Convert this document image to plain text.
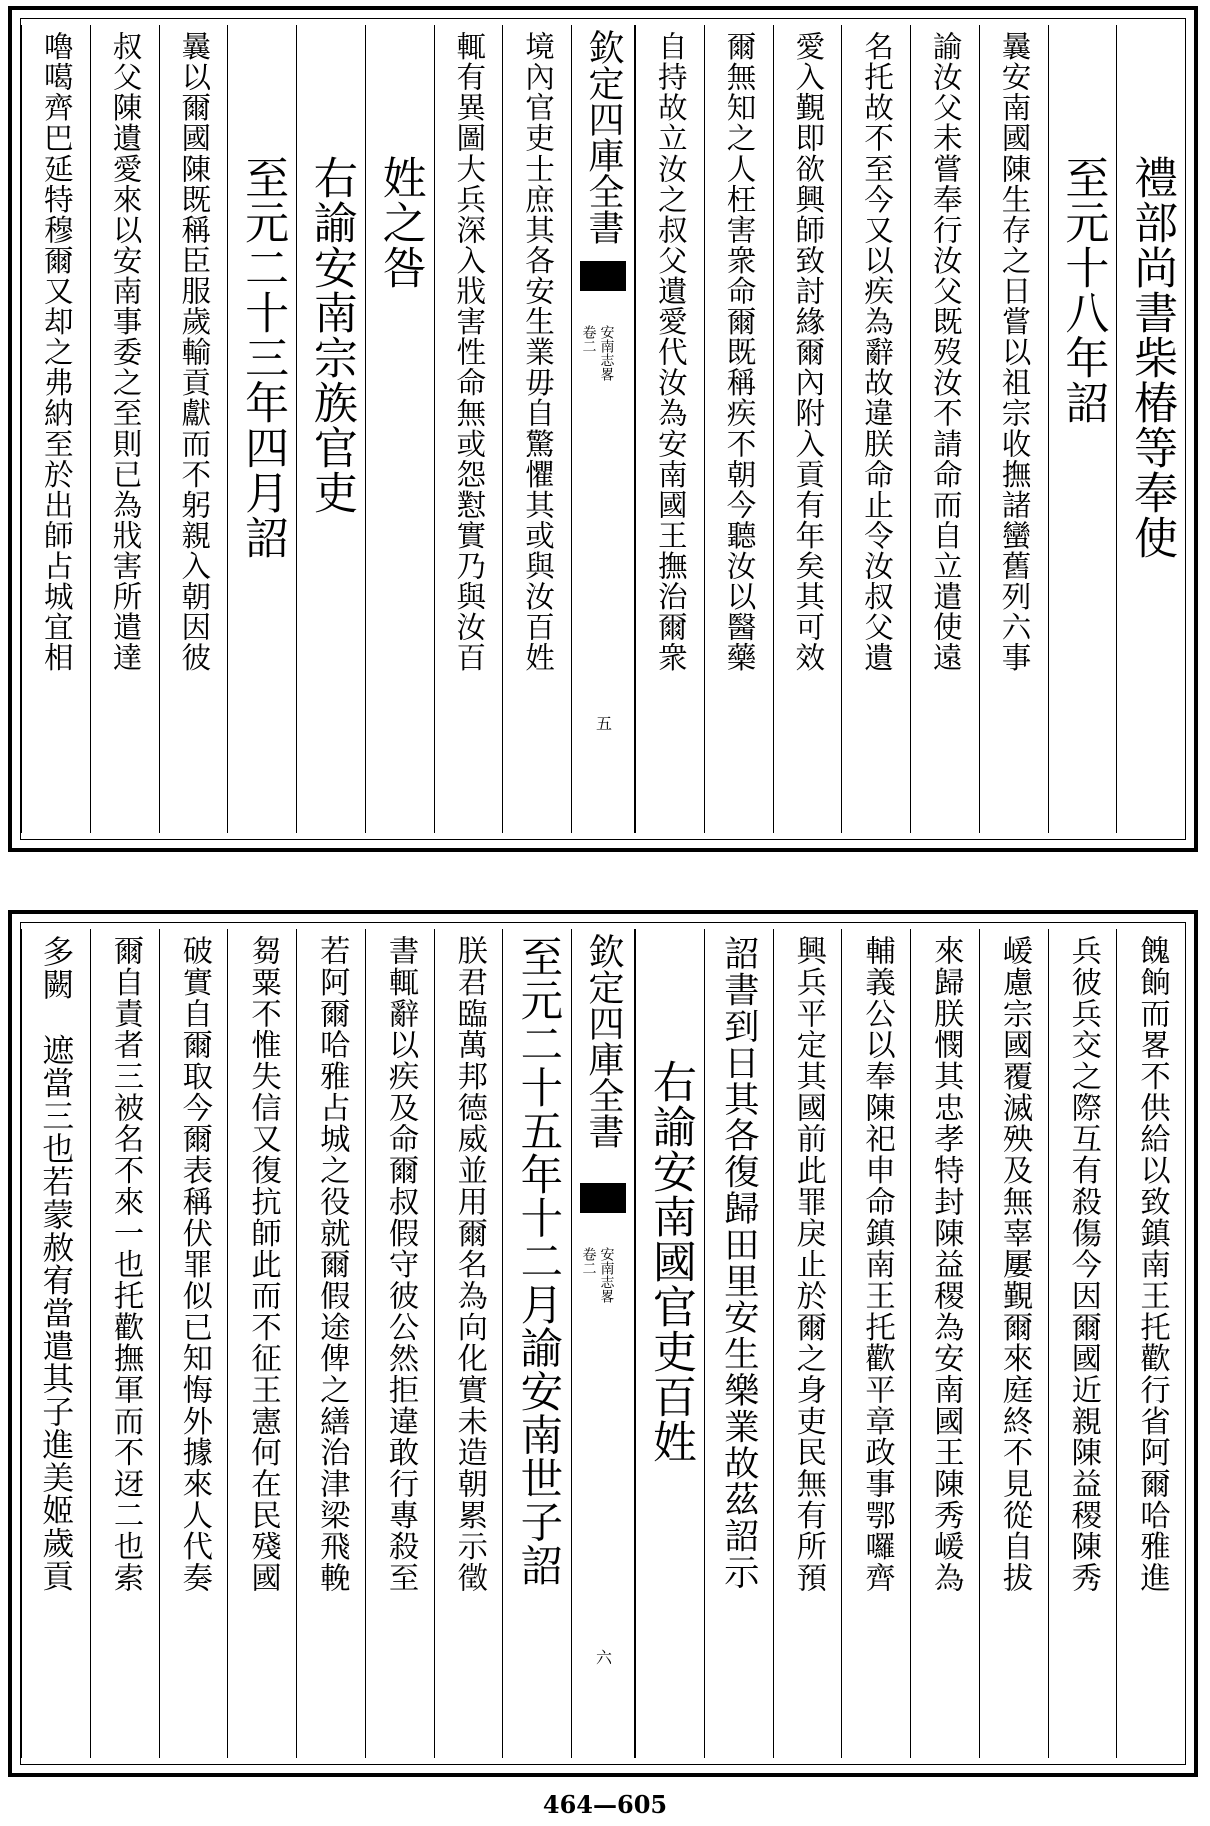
欽定四庫全書
安南志畧
卷二
五
禮部尚書柴椿等奉使
至元十八年詔
曩安南國陳生存之日嘗以祖宗收撫諸蠻舊列六事
諭汝父未嘗奉行汝父既歿汝不請命而自立遣使遠
名托故不至今又以疾為辭故違朕命止令汝叔父遺
愛入覲即欲興師致討緣爾內附入貢有年矣其可效
爾無知之人枉害衆命爾既稱疾不朝今聽汝以醫藥
自持故立汝之叔父遺愛代汝為安南國王撫治爾衆
境內官吏士庶其各安生業毋自驚懼其或與汝百姓
輒有異圖大兵深入戕害性命無或怨懟實乃與汝百
姓之咎
右諭安南宗族官吏
至元二十三年四月詔
曩以爾國陳既稱臣服歲輸貢獻而不躬親入朝因彼
叔父陳遺愛來以安南事委之至則已為戕害所遣達
嚕噶齊巴延特穆爾又却之弗納至於出師占城宜相
欽定四庫全書
安南志畧
卷二
六
餽餉而畧不供給以致鎮南王托歡行省阿爾哈雅進
兵彼兵交之際互有殺傷今因爾國近親陳益稷陳秀
嵈慮宗國覆滅殃及無辜屢覲爾來庭終不見從自拔
來歸朕憫其忠孝特封陳益稷為安南國王陳秀嵈為
輔義公以奉陳祀申命鎮南王托歡平章政事鄂囉齊
興兵平定其國前此罪戾止於爾之身吏民無有所預
詔書到日其各復歸田里安生樂業故茲詔示
右諭安南國官吏百姓
至元二十五年十二月諭安南世子詔
朕君臨萬邦德威並用爾名為向化實未造朝累示徵
書輒辭以疾及命爾叔假守彼公然拒違敢行專殺至
若阿爾哈雅占城之役就爾假途俾之繕治津梁飛輓
芻粟不惟失信又復抗師此而不征王憲何在民殘國
破實自爾取今爾表稱伏罪似已知悔外據來人代奏
爾自責者三被名不來一也托歡撫軍而不迓二也索
多闕　遮當三也若蒙赦宥當遣其子進美姬歲貢
464—605
